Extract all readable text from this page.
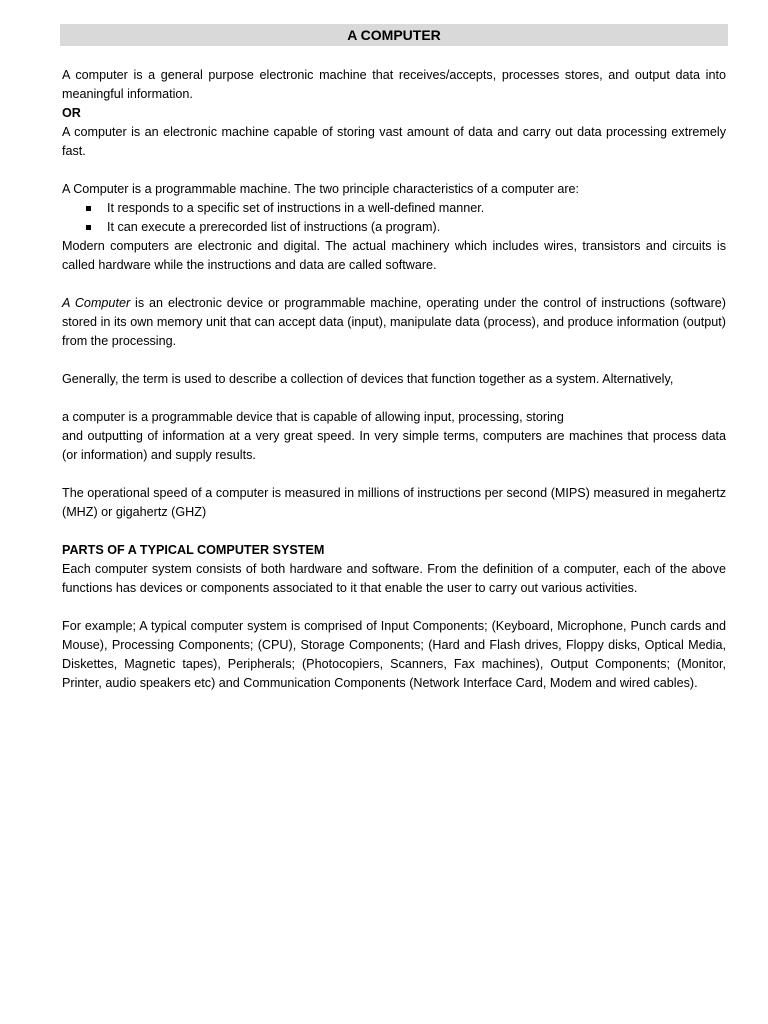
A COMPUTER

A computer is a general purpose electronic machine that receives/accepts, processes stores, and output data into meaningful information.

OR

A computer is an electronic machine capable of storing vast amount of data and carry out data processing extremely fast.

A Computer is a programmable machine. The two principle characteristics of a computer are:

It responds to a specific set of instructions in a well-defined manner.
It can execute a prerecorded list of instructions (a program).

Modern computers are electronic and digital. The actual machinery which includes wires, transistors and circuits is called hardware while the instructions and data are called software.

A Computer is an electronic device or programmable machine, operating under the control of instructions (software) stored in its own memory unit that can accept data (input), manipulate data (process), and produce information (output) from the processing.

Generally, the term is used to describe a collection of devices that function together as a system. Alternatively,

a computer is a programmable device that is capable of allowing input, processing, storing

and outputting of information at a very great speed. In very simple terms, computers are machines that process data (or information) and supply results.

The operational speed of a computer is measured in millions of instructions per second (MIPS) measured in megahertz (MHZ) or gigahertz (GHZ)

PARTS OF A TYPICAL COMPUTER SYSTEM

Each computer system consists of both hardware and software. From the definition of a computer, each of the above functions has devices or components associated to it that enable the user to carry out various activities.

For example; A typical computer system is comprised of Input Components; (Keyboard, Microphone, Punch cards and Mouse), Processing Components; (CPU), Storage Components; (Hard and Flash drives, Floppy disks, Optical Media, Diskettes, Magnetic tapes), Peripherals; (Photocopiers, Scanners, Fax machines), Output Components; (Monitor, Printer, audio speakers etc) and Communication Components (Network Interface Card, Modem and wired cables).
